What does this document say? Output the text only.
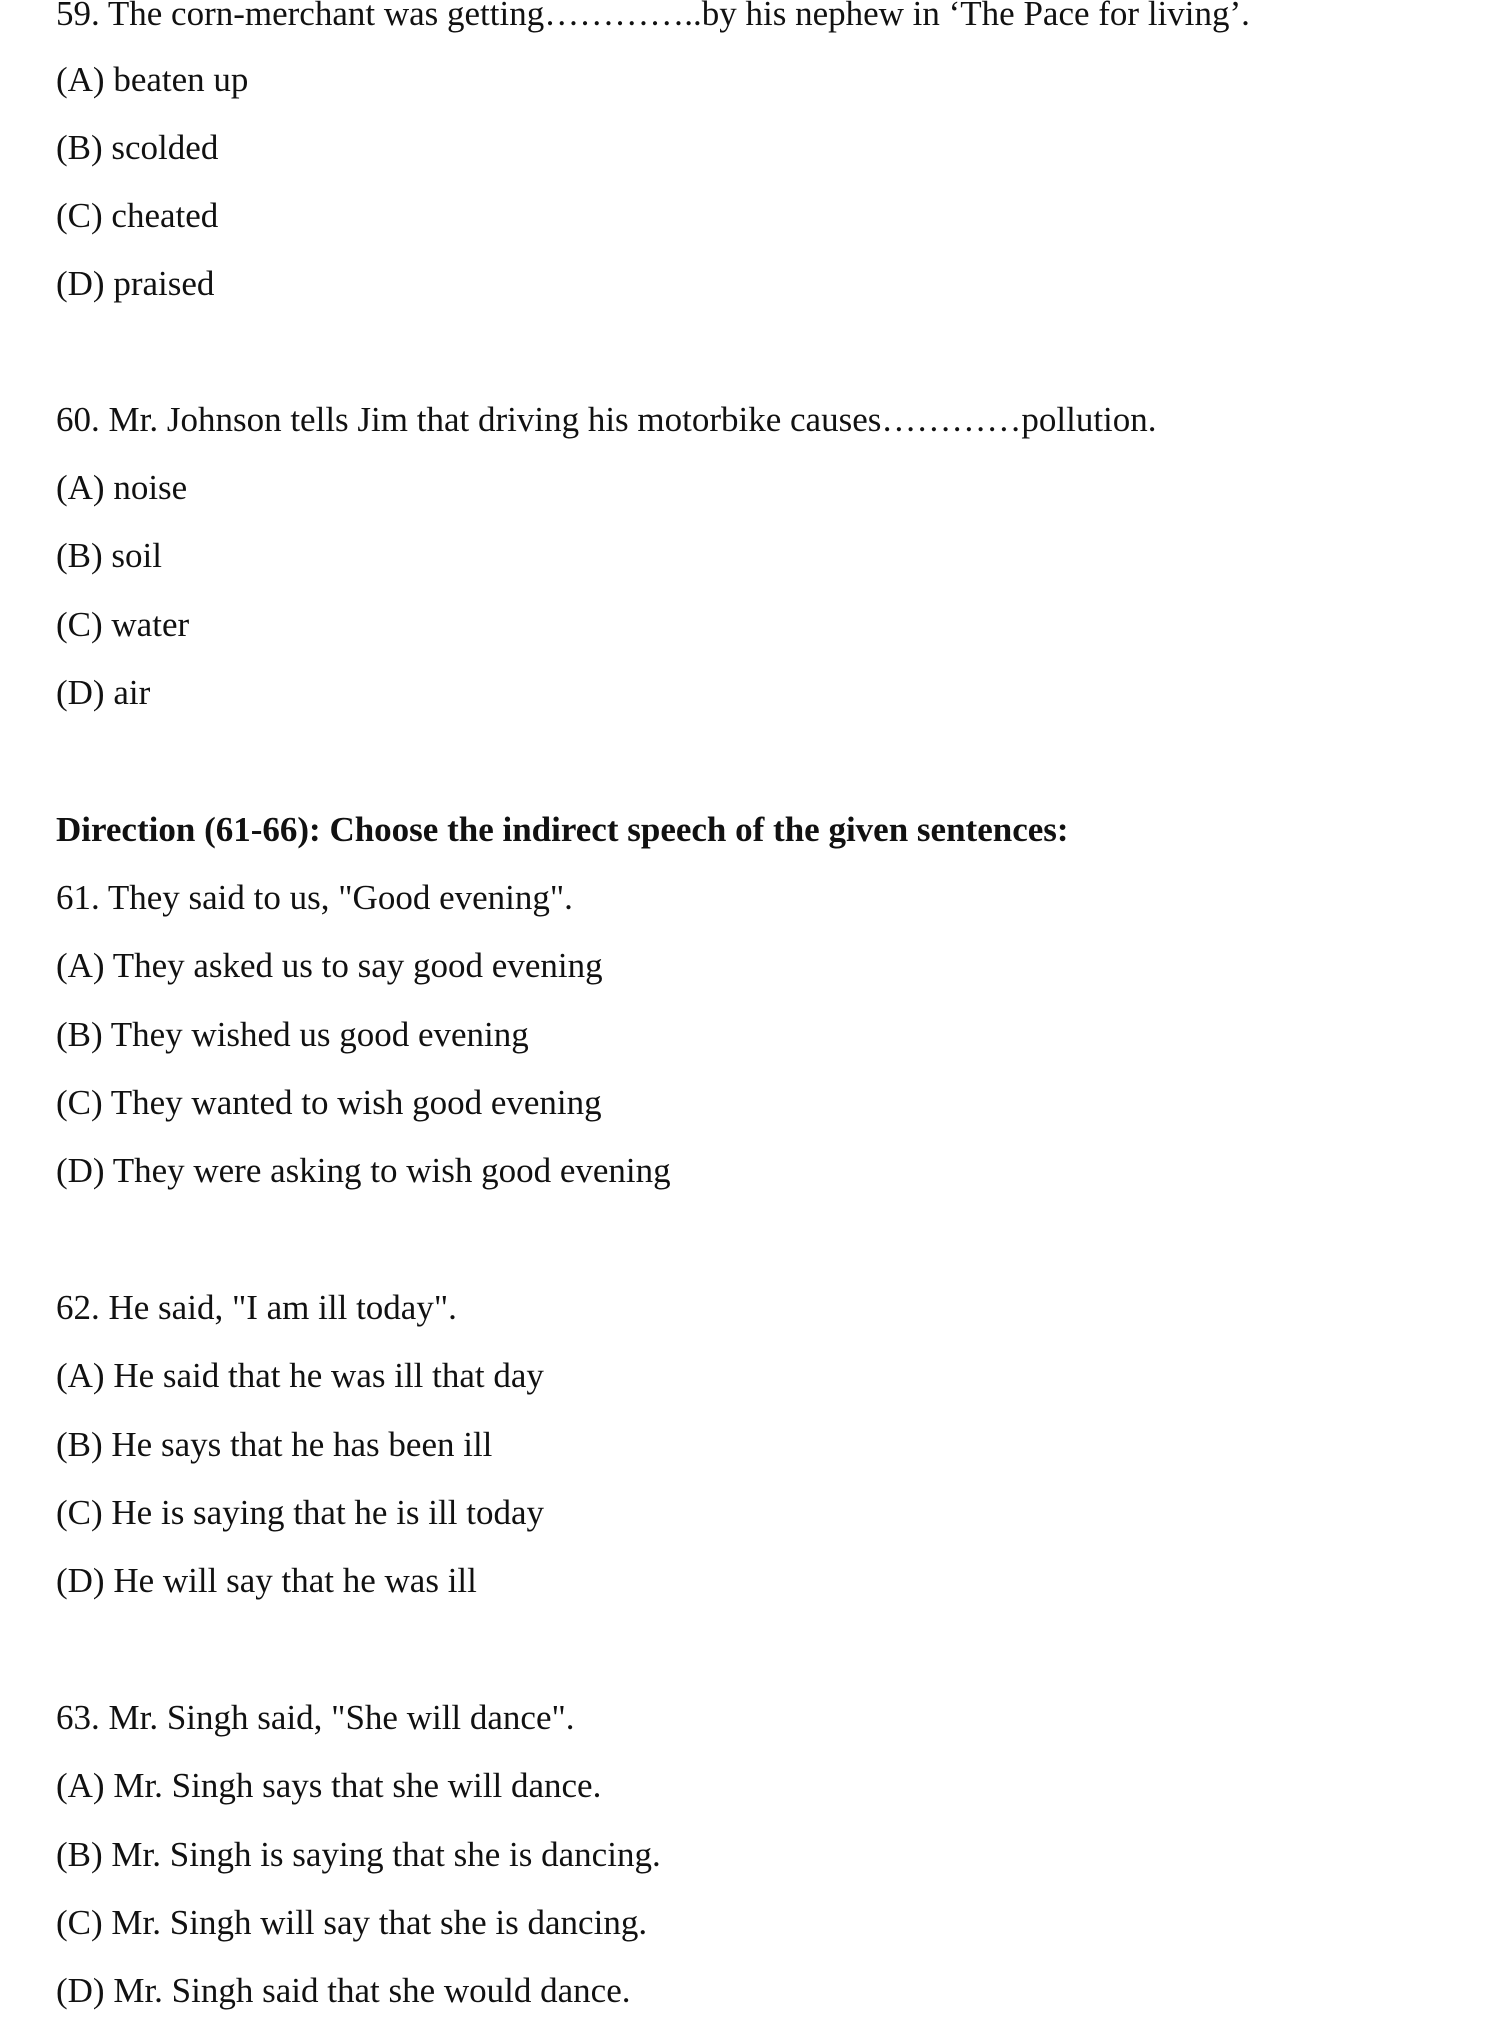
59. The corn-merchant was getting…………..by his nephew in ‘The Pace for living’.
(A) beaten up
(B) scolded
(C) cheated
(D) praised
60. Mr. Johnson tells Jim that driving his motorbike causes…………pollution.
(A) noise
(B) soil
(C) water
(D) air
Direction (61-66): Choose the indirect speech of the given sentences:
61. They said to us, "Good evening".
(A) They asked us to say good evening
(B) They wished us good evening
(C) They wanted to wish good evening
(D) They were asking to wish good evening
62. He said, "I am ill today".
(A) He said that he was ill that day
(B) He says that he has been ill
(C) He is saying that he is ill today
(D) He will say that he was ill
63. Mr. Singh said, "She will dance".
(A) Mr. Singh says that she will dance.
(B) Mr. Singh is saying that she is dancing.
(C) Mr. Singh will say that she is dancing.
(D) Mr. Singh said that she would dance.
